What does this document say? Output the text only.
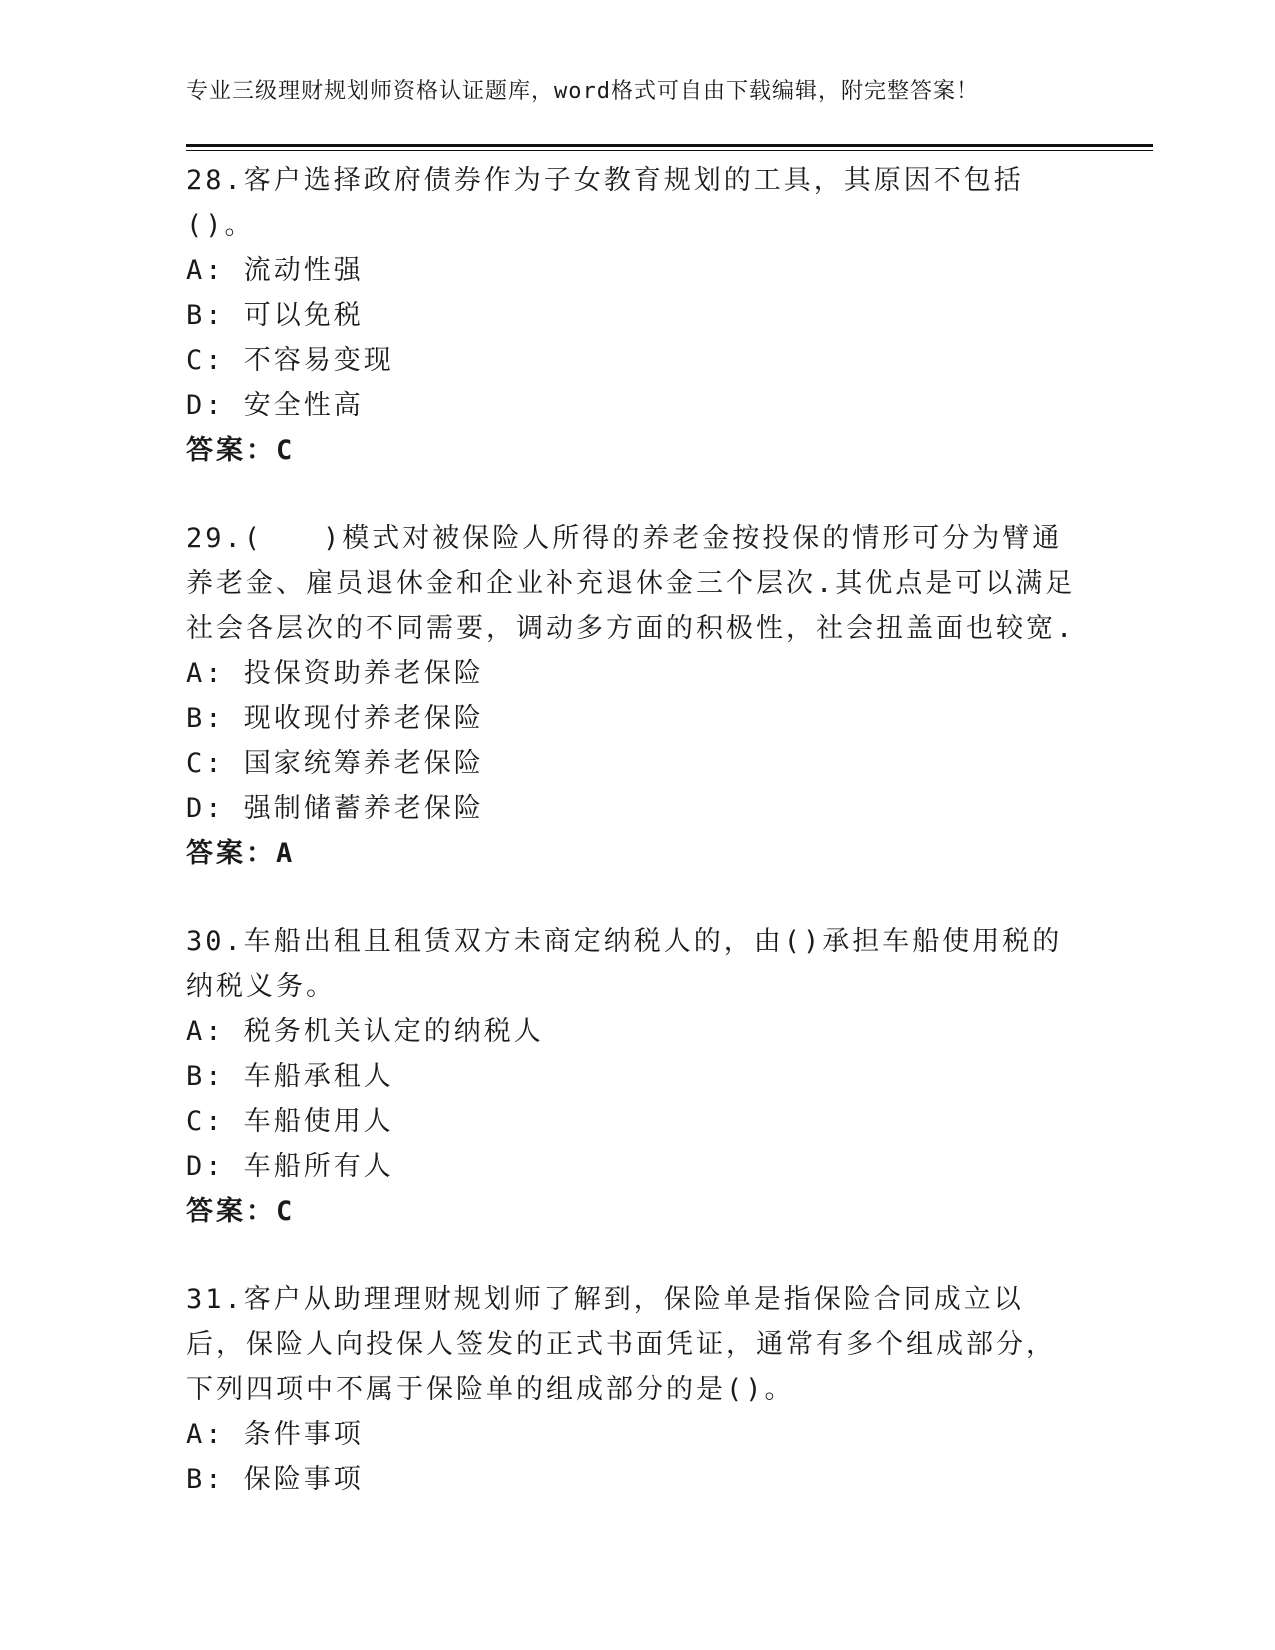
专业三级理财规划师资格认证题库，word格式可自由下载编辑，附完整答案！

28.客户选择政府债券作为子女教育规划的工具，其原因不包括()。

A: 流动性强

B: 可以免税

C: 不容易变现

D: 安全性高

答案：C

29.(　　)模式对被保险人所得的养老金按投保的情形可分为臂通养老金、雇员退休金和企业补充退休金三个层次.其优点是可以满足社会各层次的不同需要，调动多方面的积极性，社会扭盖面也较宽.

A: 投保资助养老保险

B: 现收现付养老保险

C: 国家统筹养老保险

D: 强制储蓄养老保险

答案：A

30.车船出租且租赁双方未商定纳税人的，由()承担车船使用税的纳税义务。

A: 税务机关认定的纳税人

B: 车船承租人

C: 车船使用人

D: 车船所有人

答案：C

31.客户从助理理财规划师了解到，保险单是指保险合同成立以后，保险人向投保人签发的正式书面凭证，通常有多个组成部分，下列四项中不属于保险单的组成部分的是()。

A: 条件事项

B: 保险事项
